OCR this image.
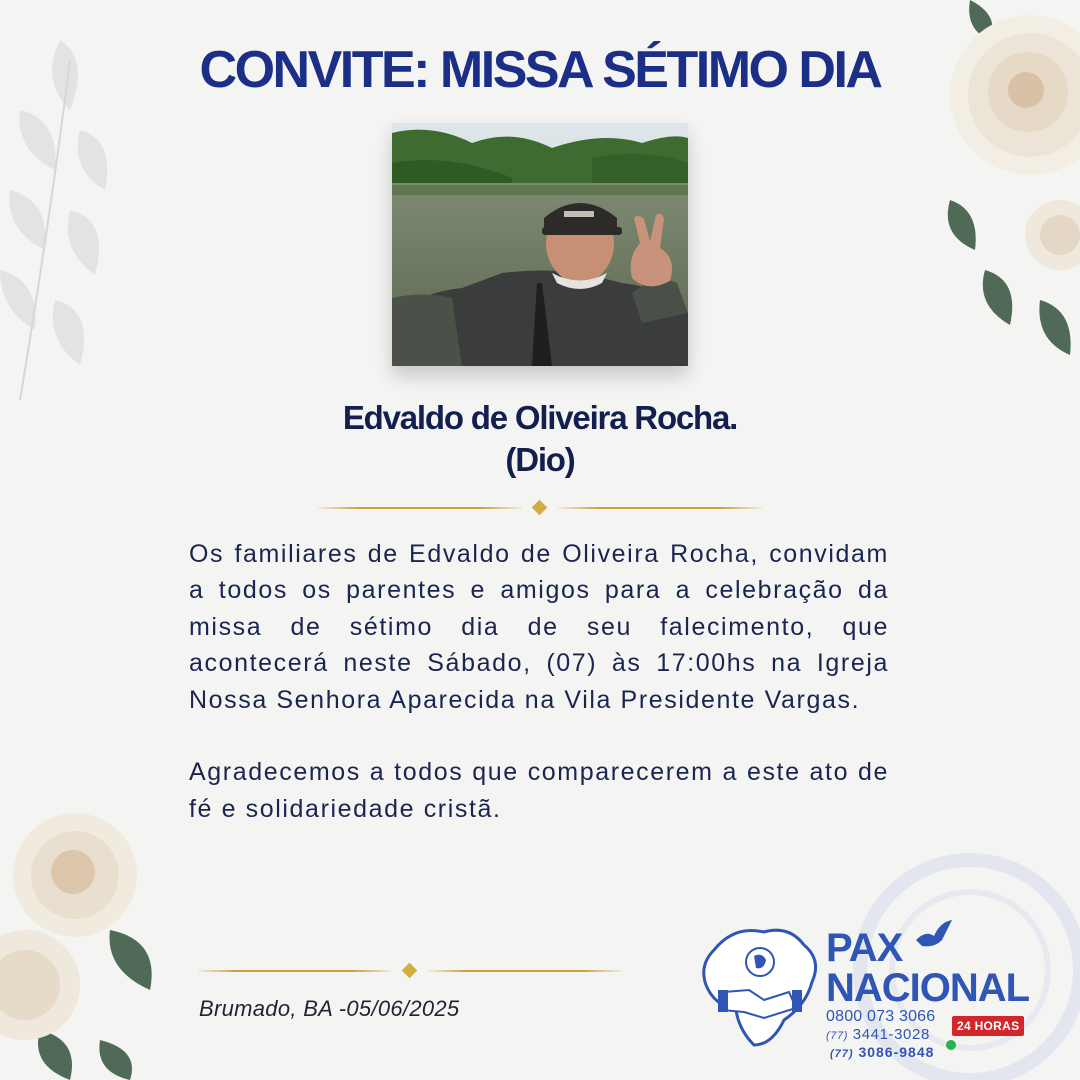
CONVITE: MISSA SÉTIMO DIA
Edvaldo de Oliveira Rocha.
(Dio)

Os familiares de Edvaldo de Oliveira Rocha, convidam a todos os parentes e amigos para a celebração da missa de sétimo dia de seu falecimento, que acontecerá neste Sábado, (07) às 17:00hs na Igreja Nossa Senhora Aparecida na Vila Presidente Vargas.

Agradecemos a todos que comparecerem a este ato de fé e solidariedade cristã.

Brumado, BA -05/06/2025
PAX
NACIONAL
0800 073 3066
(77) 3441-3028
(77) 3086-9848
24 HORAS
